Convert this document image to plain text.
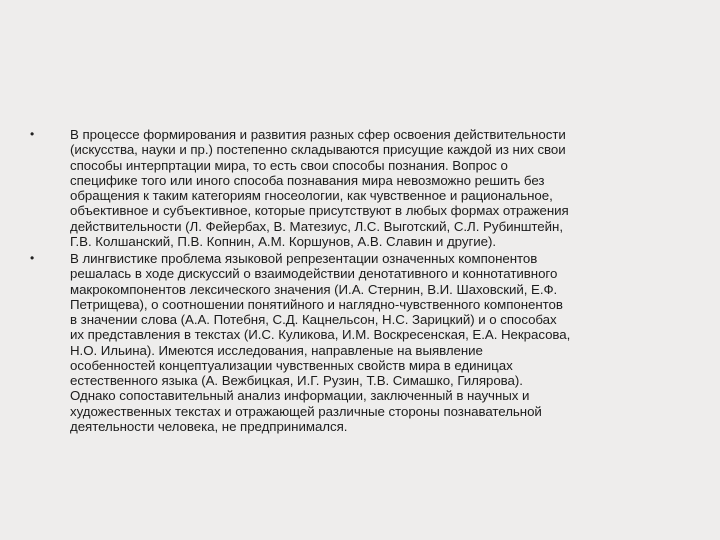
•	В процессе формирования и развития разных сфер освоения действительности
(искусства, науки и пр.) постепенно складываются присущие каждой из них свои
способы интерпртации мира, то есть свои способы познания. Вопрос о
специфике того или иного способа познавания мира невозможно решить без
обращения к таким категориям гносеологии, как чувственное и рациональное,
объективное и субъективное, которые присутствуют в любых формах отражения
действительности (Л. Фейербах, В. Матезиус, Л.С. Выготский, С.Л. Рубинштейн,
Г.В. Колшанский, П.В. Копнин, А.М. Коршунов, А.В. Славин и другие).
•	В лингвистике проблема языковой репрезентации означенных компонентов
решалась в ходе дискуссий о взаимодействии денотативного и коннотативного
макрокомпонентов лексического значения (И.А. Стернин, В.И. Шаховский, Е.Ф.
Петрищева), о соотношении понятийного и наглядно-чувственного компонентов
в значении слова (А.А. Потебня, С.Д. Кацнельсон, Н.С. Зарицкий) и о способах
их представления в текстах (И.С. Куликова, И.М. Воскресенская, Е.А. Некрасова,
Н.О. Ильина). Имеются исследования, направленые на выявление
особенностей концептуализации чувственных свойств мира в единицах
естественного языка (А. Вежбицкая, И.Г. Рузин, Т.В. Симашко, Гилярова).
Однако сопоставительный анализ информации, заключенный в научных и
художественных текстах и отражающей различные стороны познавательной
деятельности человека, не предпринимался.
